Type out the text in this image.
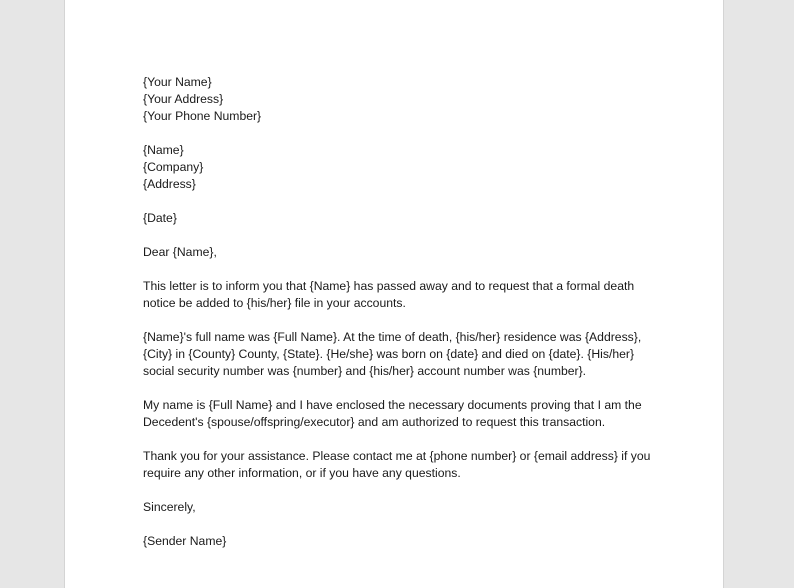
{Your Name}
{Your Address}
{Your Phone Number}
{Name}
{Company}
{Address}
{Date}
Dear {Name},

This letter is to inform you that {Name} has passed away and to request that a formal death
notice be added to {his/her} file in your accounts.

{Name}'s full name was {Full Name}. At the time of death, {his/her} residence was {Address},
{City} in {County} County, {State}. {He/she} was born on {date} and died on {date}. {His/her}
social security number was {number} and {his/her} account number was {number}.

My name is {Full Name} and I have enclosed the necessary documents proving that I am the
Decedent's {spouse/offspring/executor} and am authorized to request this transaction.

Thank you for your assistance. Please contact me at {phone number} or {email address} if you
require any other information, or if you have any questions.

Sincerely,
{Sender Name}
